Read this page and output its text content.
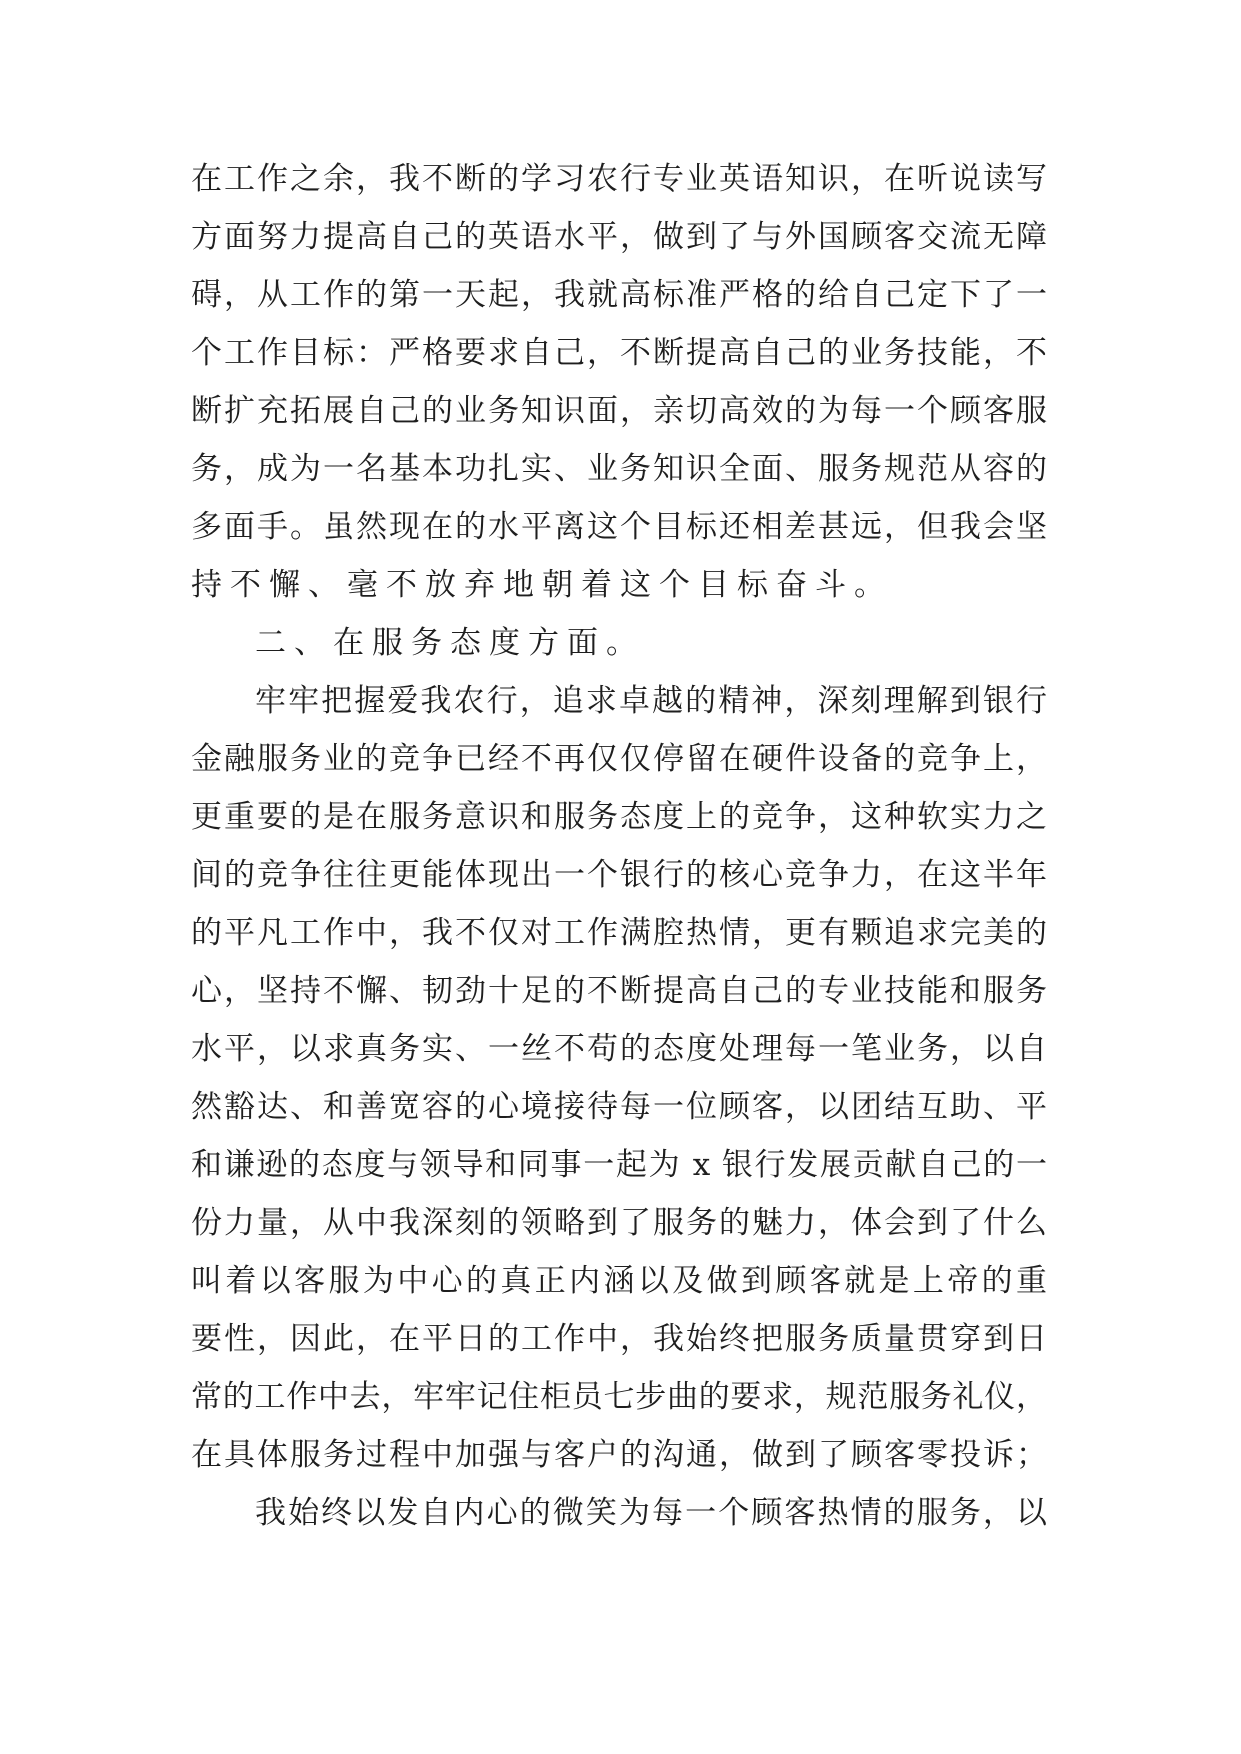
在工作之余，我不断的学习农行专业英语知识，在听说读写
方面努力提高自己的英语水平，做到了与外国顾客交流无障
碍，从工作的第一天起，我就高标准严格的给自己定下了一
个工作目标：严格要求自己，不断提高自己的业务技能，不
断扩充拓展自己的业务知识面，亲切高效的为每一个顾客服
务，成为一名基本功扎实、业务知识全面、服务规范从容的
多面手。虽然现在的水平离这个目标还相差甚远，但我会坚
持不懈、毫不放弃地朝着这个目标奋斗。
二、在服务态度方面。
牢牢把握爱我农行，追求卓越的精神，深刻理解到银行
金融服务业的竞争已经不再仅仅停留在硬件设备的竞争上，
更重要的是在服务意识和服务态度上的竞争，这种软实力之
间的竞争往往更能体现出一个银行的核心竞争力，在这半年
的平凡工作中，我不仅对工作满腔热情，更有颗追求完美的
心，坚持不懈、韧劲十足的不断提高自己的专业技能和服务
水平，以求真务实、一丝不苟的态度处理每一笔业务，以自
然豁达、和善宽容的心境接待每一位顾客，以团结互助、平
和谦逊的态度与领导和同事一起为 x 银行发展贡献自己的一
份力量，从中我深刻的领略到了服务的魅力，体会到了什么
叫着以客服为中心的真正内涵以及做到顾客就是上帝的重
要性，因此，在平日的工作中，我始终把服务质量贯穿到日
常的工作中去，牢牢记住柜员七步曲的要求，规范服务礼仪，
在具体服务过程中加强与客户的沟通，做到了顾客零投诉；
我始终以发自内心的微笑为每一个顾客热情的服务，以
